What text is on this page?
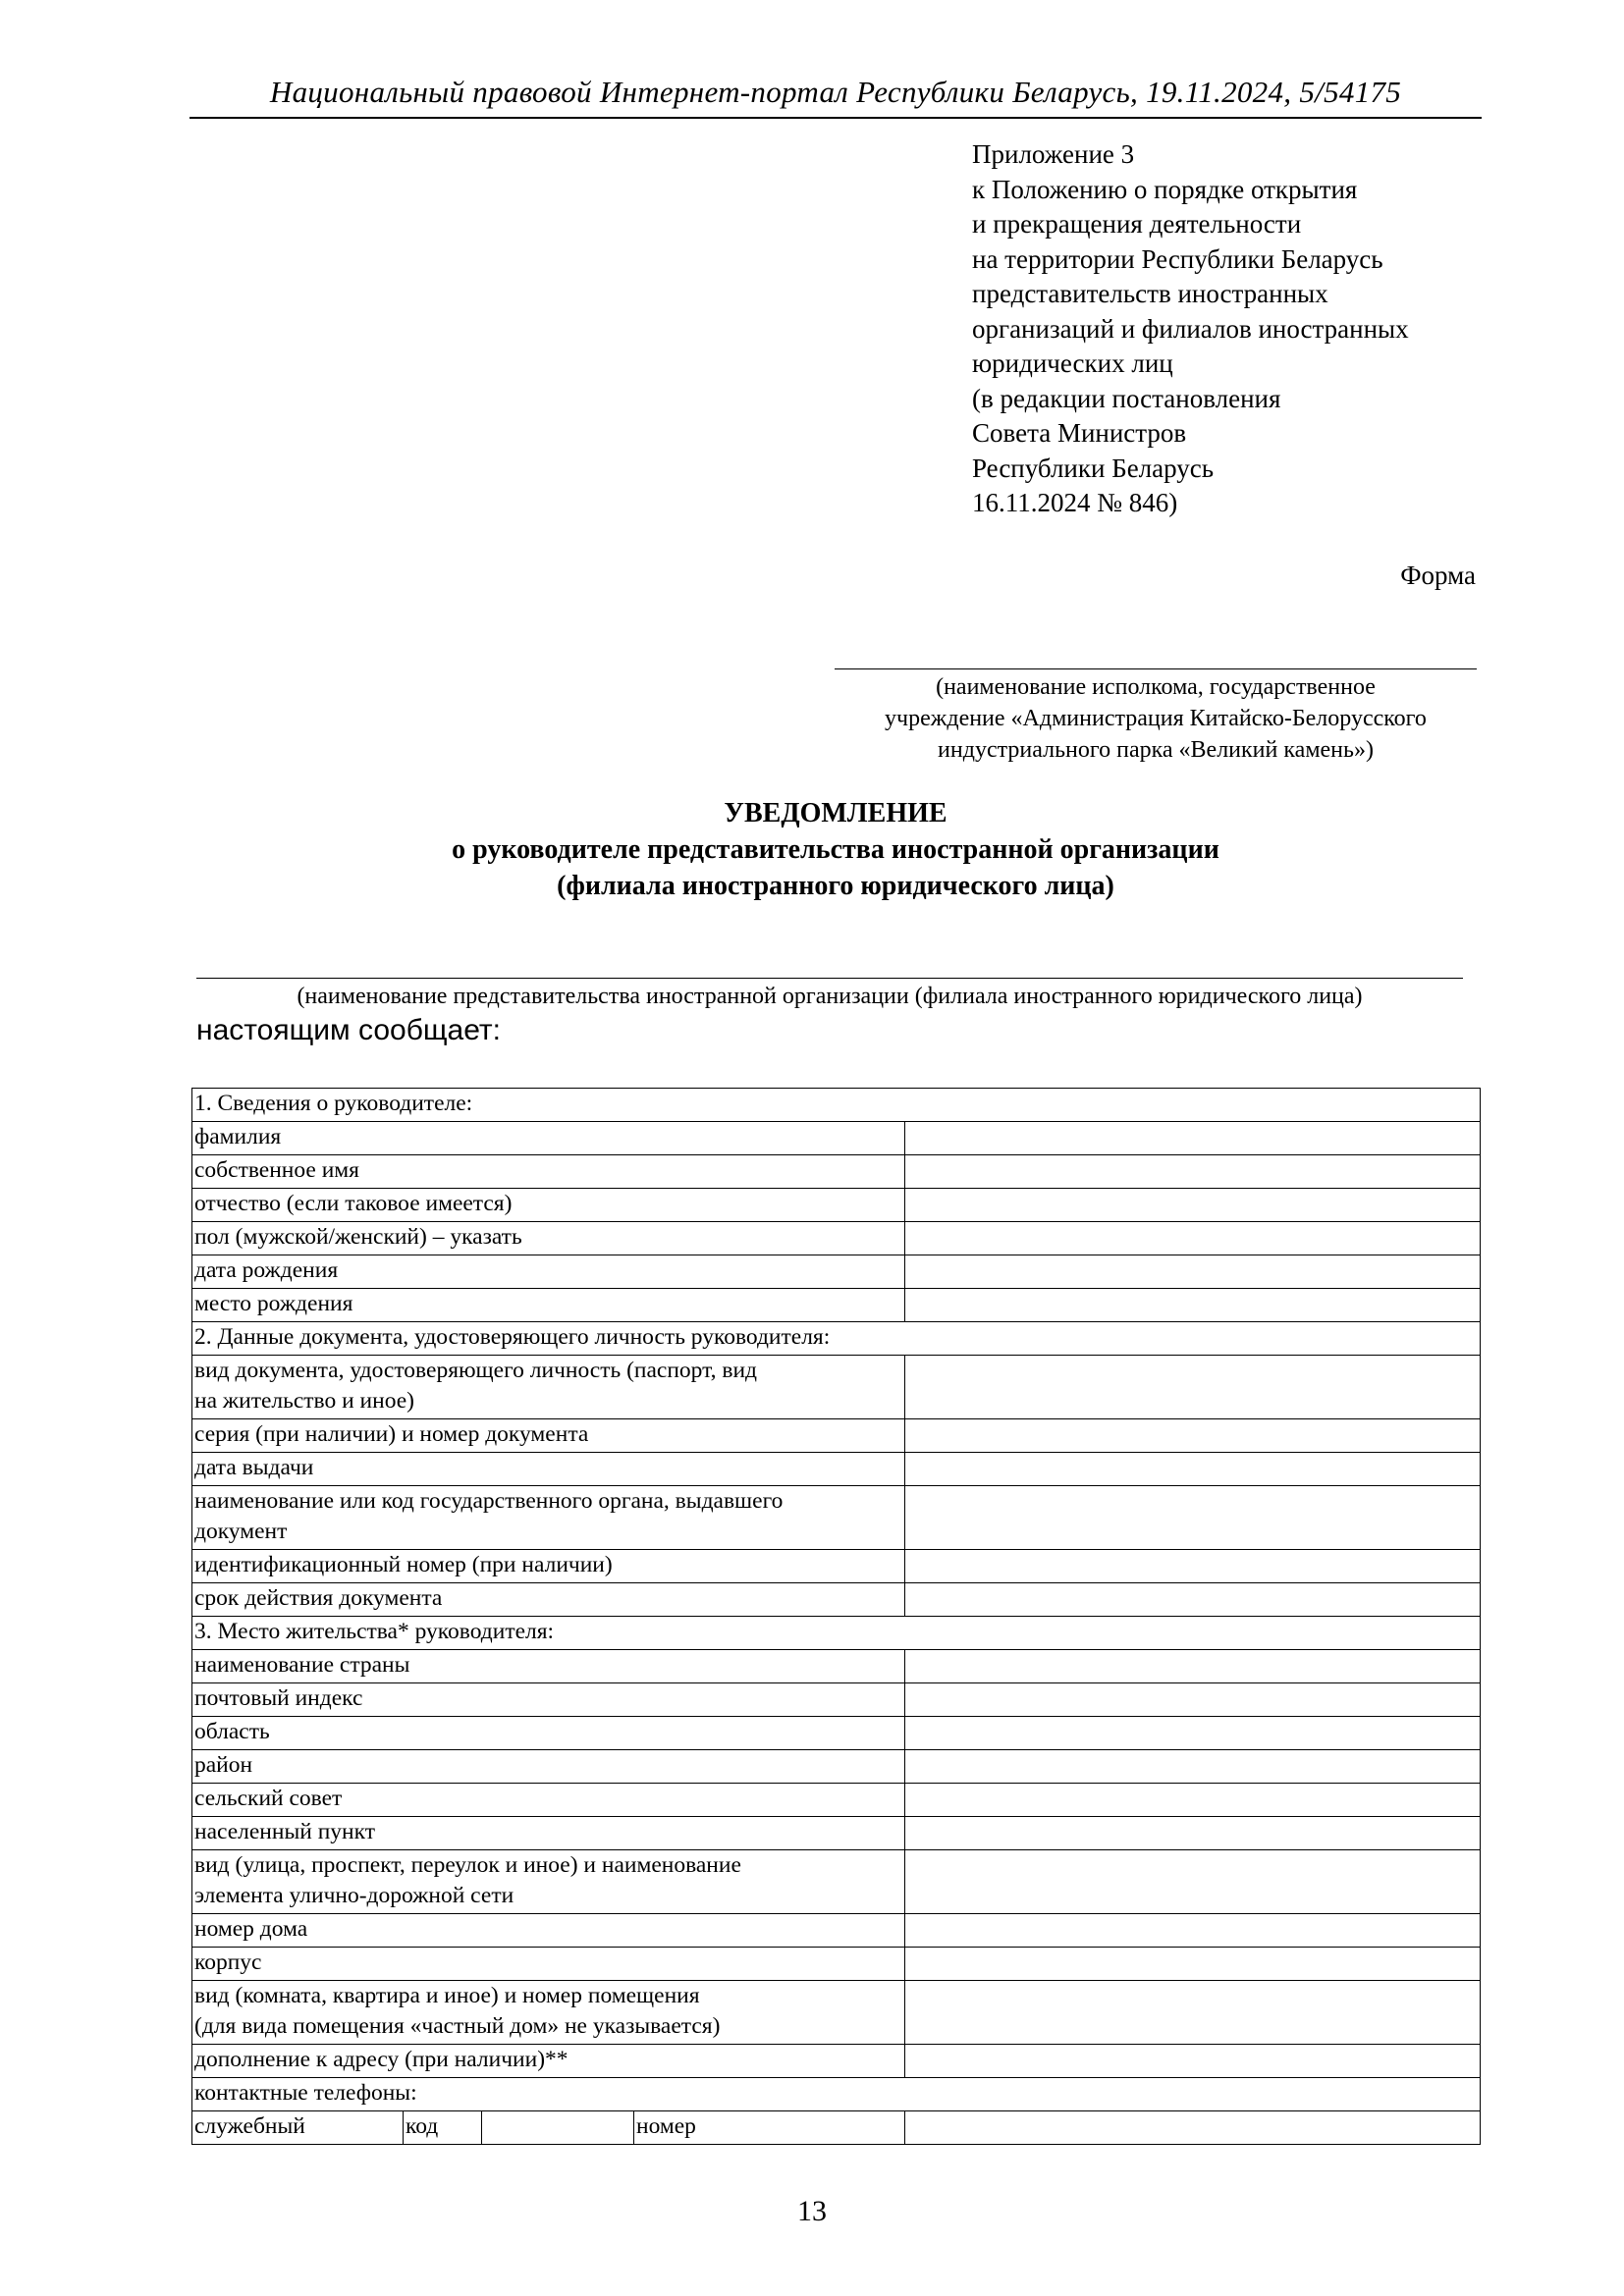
Национальный правовой Интернет-портал Республики Беларусь, 19.11.2024, 5/54175
Приложение 3
к Положению о порядке открытия
и прекращения деятельности
на территории Республики Беларусь
представительств иностранных
организаций и филиалов иностранных
юридических лиц
(в редакции постановления
Совета Министров
Республики Беларусь
16.11.2024 № 846)
Форма
(наименование исполкома, государственное
учреждение «Администрация Китайско-Белорусского
индустриального парка «Великий камень»)
УВЕДОМЛЕНИЕ
о руководителе представительства иностранной организации
(филиала иностранного юридического лица)
(наименование представительства иностранной организации (филиала иностранного юридического лица)
настоящим сообщает:
1. Сведения о руководителе:				
фамилия				
собственное имя				
отчество (если таковое имеется)				
пол (мужской/женский) – указать				
дата рождения				
место рождения				
2. Данные документа, удостоверяющего личность руководителя:				

вид документа, удостоверяющего личность (паспорт, вид
на жительство и иное)				

серия (при наличии) и номер документа				
дата выдачи				

наименование или код государственного органа, выдавшего
документ				

идентификационный номер (при наличии)				
срок действия документа				
3. Место жительства* руководителя:				
наименование страны				
почтовый индекс				
область				
район				
сельский совет				
населенный пункт				

вид (улица, проспект, переулок и иное) и наименование
элемента улично-дорожной сети				

номер дома				
корпус				

вид (комната, квартира и иное) и номер помещения
(для вида помещения «частный дом» не указывается)				

дополнение к адресу (при наличии)**				
контактные телефоны:				
служебный	код		номер	
13
